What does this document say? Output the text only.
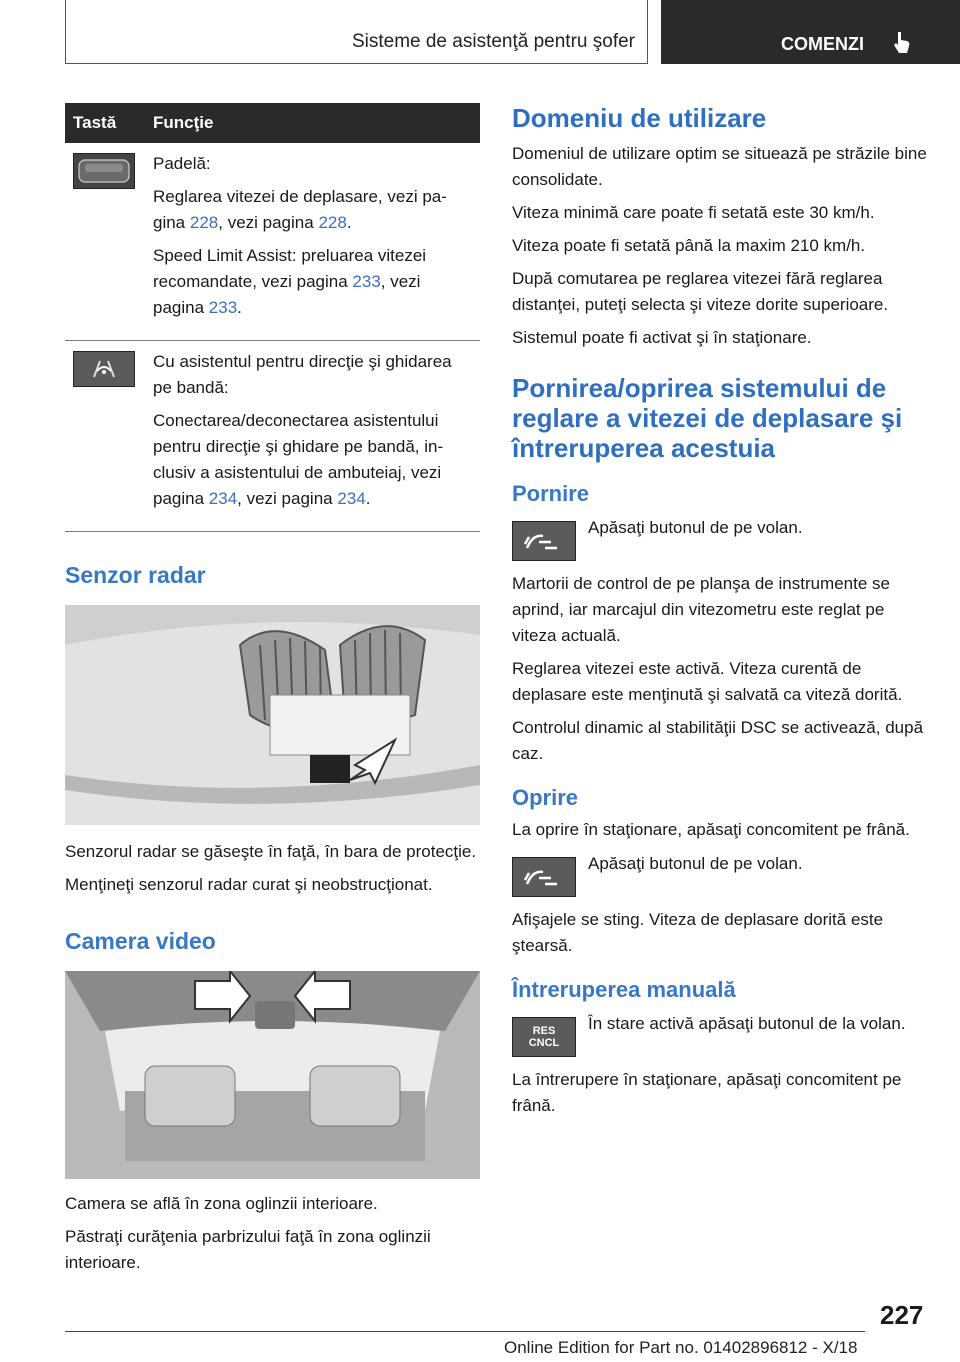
Sisteme de asistenţă pentru şofer	COMENZI
Tastă	Funcţie

Padelă:

Reglarea vitezei de deplasare, vezi pagina 228, vezi pagina 228.

Speed Limit Assist: preluarea vitezei recomandate, vezi pagina 233, vezi pagina 233.

Cu asistentul pentru direcţie şi ghidarea pe bandă:

Conectarea/deconectarea asistentului pentru direcţie şi ghidare pe bandă, inclusiv a asistentului de ambuteiaj, vezi pagina 234, vezi pagina 234.

Senzor radar

Senzorul radar se găseşte în faţă, în bara de protecţie.

Menţineţi senzorul radar curat şi neobstrucţionat.

Camera video

Camera se află în zona oglinzii interioare.

Păstraţi curăţenia parbrizului faţă în zona oglinzii interioare.

Domeniu de utilizare

Domeniul de utilizare optim se situează pe străzile bine consolidate.

Viteza minimă care poate fi setată este 30 km/h.

Viteza poate fi setată până la maxim 210 km/h.

După comutarea pe reglarea vitezei fără reglarea distanţei, puteţi selecta şi viteze dorite superioare.

Sistemul poate fi activat şi în staţionare.

Pornirea/oprirea sistemului de reglare a vitezei de deplasare şi întreruperea acestuia
Pornire

Apăsaţi butonul de pe volan.

Martorii de control de pe planşa de instrumente se aprind, iar marcajul din vitezometru este reglat pe viteza actuală.

Reglarea vitezei este activă. Viteza curentă de deplasare este menţinută şi salvată ca viteză dorită.

Controlul dinamic al stabilităţii DSC se activează, după caz.

Oprire

La oprire în staţionare, apăsaţi concomitent pe frână.

Apăsaţi butonul de pe volan.

Afişajele se sting. Viteza de deplasare dorită este ştearsă.

Întreruperea manuală
RES
CNCL

În stare activă apăsaţi butonul de la volan.

La întrerupere în staţionare, apăsaţi concomitent pe frână.

227
Online Edition for Part no. 01402896812 - X/18
